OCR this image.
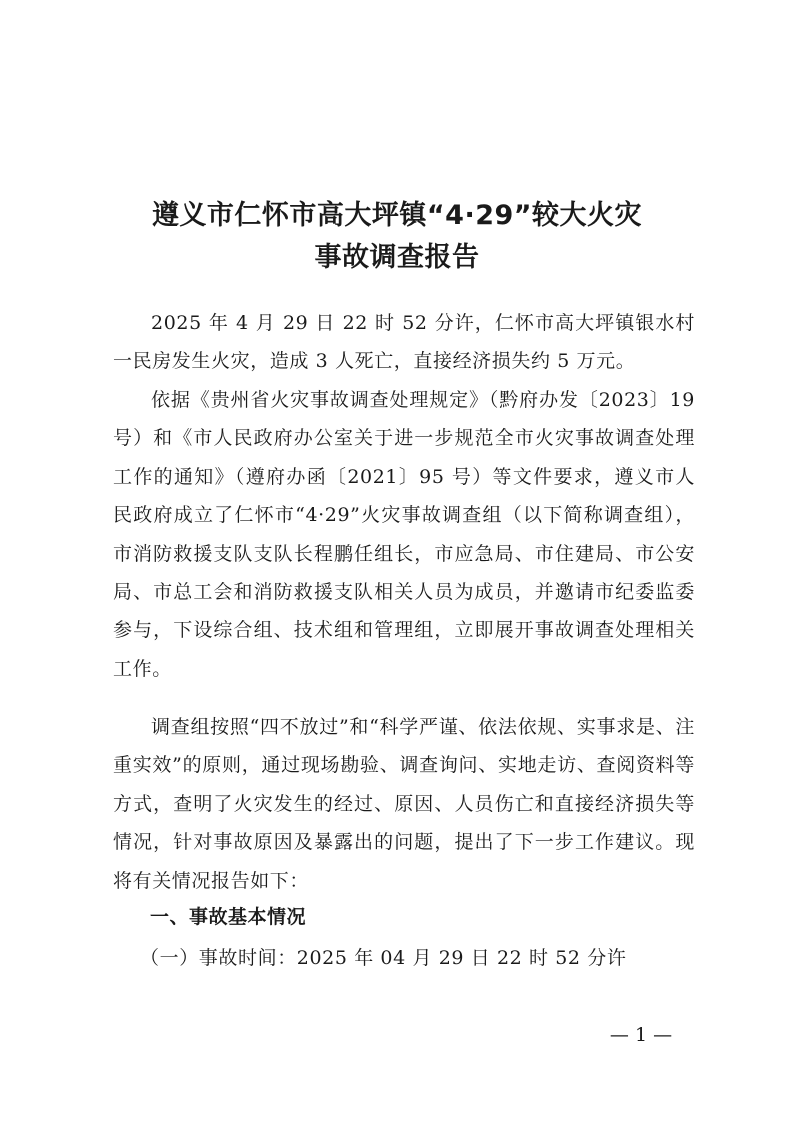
遵义市仁怀市高大坪镇“4·29”较大火灾
事故调查报告

2025 年 4 月 29 日 22 时 52 分许，仁怀市高大坪镇银水村一民房发生火灾，造成 3 人死亡，直接经济损失约 5 万元。

依据《贵州省火灾事故调查处理规定》（黔府办发〔2023〕19 号）和《市人民政府办公室关于进一步规范全市火灾事故调查处理工作的通知》（遵府办函〔2021〕95 号）等文件要求，遵义市人民政府成立了仁怀市“4·29”火灾事故调查组（以下简称调查组），市消防救援支队支队长程鹏任组长，市应急局、市住建局、市公安局、市总工会和消防救援支队相关人员为成员，并邀请市纪委监委参与，下设综合组、技术组和管理组，立即展开事故调查处理相关工作。

调查组按照“四不放过”和“科学严谨、依法依规、实事求是、注重实效”的原则，通过现场勘验、调查询问、实地走访、查阅资料等方式，查明了火灾发生的经过、原因、人员伤亡和直接经济损失等情况，针对事故原因及暴露出的问题，提出了下一步工作建议。现将有关情况报告如下：

一、事故基本情况

（一）事故时间：2025 年 04 月 29 日 22 时 52 分许

— 1 —
